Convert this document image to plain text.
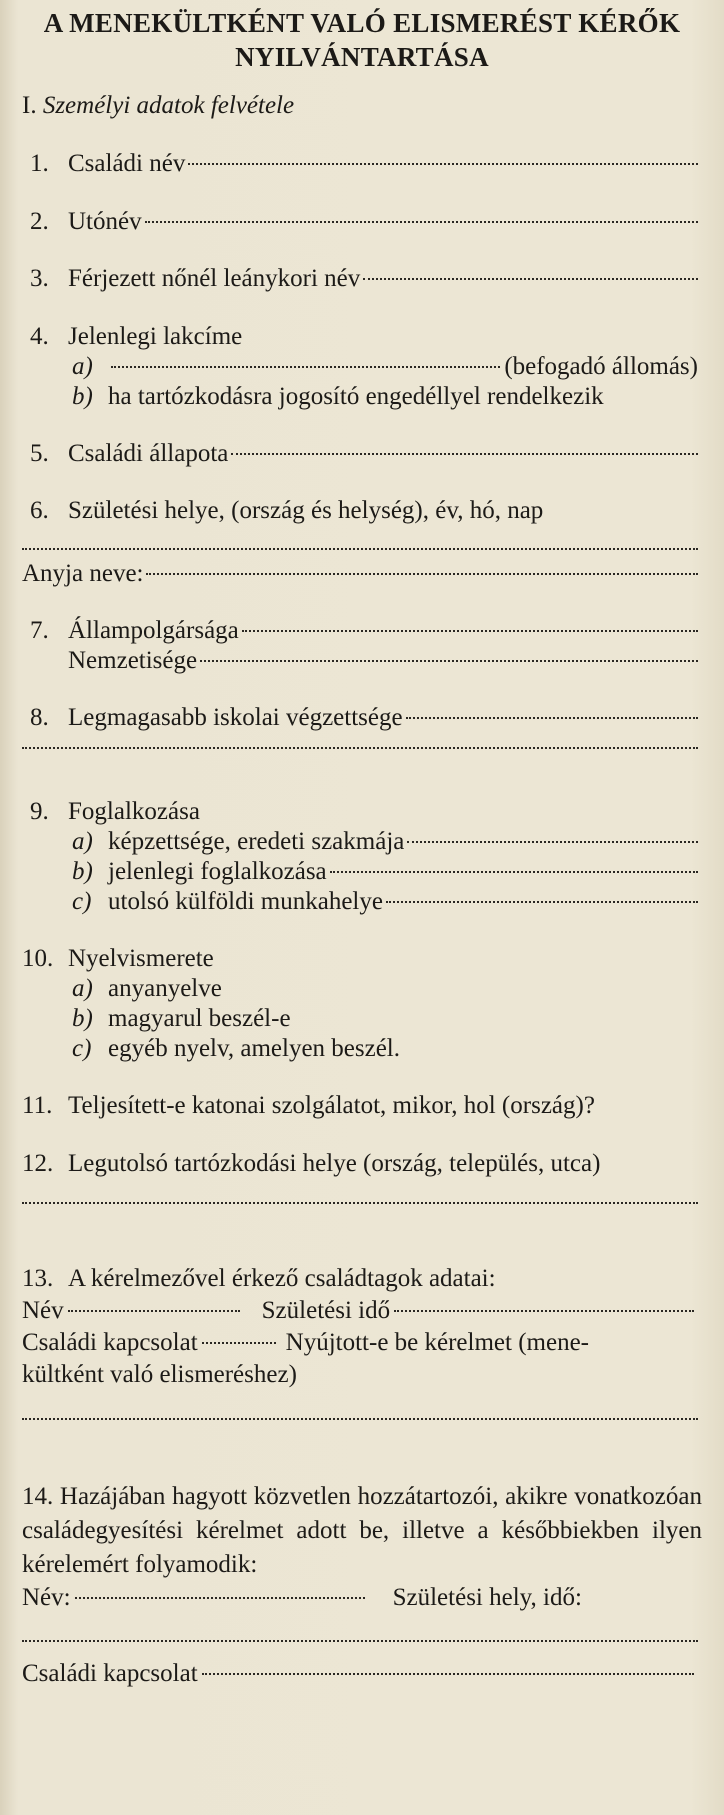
A MENEKÜLTKÉNT VALÓ ELISMERÉST KÉRŐK
NYILVÁNTARTÁSA
I.
Személyi adatok felvétele
1. Családi név
2. Utónév
3. Férjezett nőnél leánykori név
4. Jelenlegi lakcíme
a)	(befogadó állomás)
b) ha tartózkodásra jogosító engedéllyel rendelkezik
5. Családi állapota
6. Születési helye, (ország és helység), év, hó, nap
Anyja neve:
7. Állampolgársága
Nemzetisége
8. Legmagasabb iskolai végzettsége
9. Foglalkozása
a) képzettsége, eredeti szakmája
b) jelenlegi foglalkozása
c) utolsó külföldi munkahelye
10. Nyelvismerete
a) anyanyelve
b) magyarul beszél-e
c) egyéb nyelv, amelyen beszél.
11. Teljesített-e katonai szolgálatot, mikor, hol (ország)?
12. Legutolsó tartózkodási helye (ország, település, utca)
13. A kérelmezővel érkező családtagok adatai:
Név	Születési idő
Családi kapcsolat	Nyújtott-e be kérelmet (mene-
kültként való elismeréshez)
14. Hazájában hagyott közvetlen hozzátartozói, akikre vonatkozóan családegyesítési kérelmet adott be, illetve a későbbiekben ilyen kérelemért folyamodik:
Név:	Születési hely, idő:
Családi kapcsolat
